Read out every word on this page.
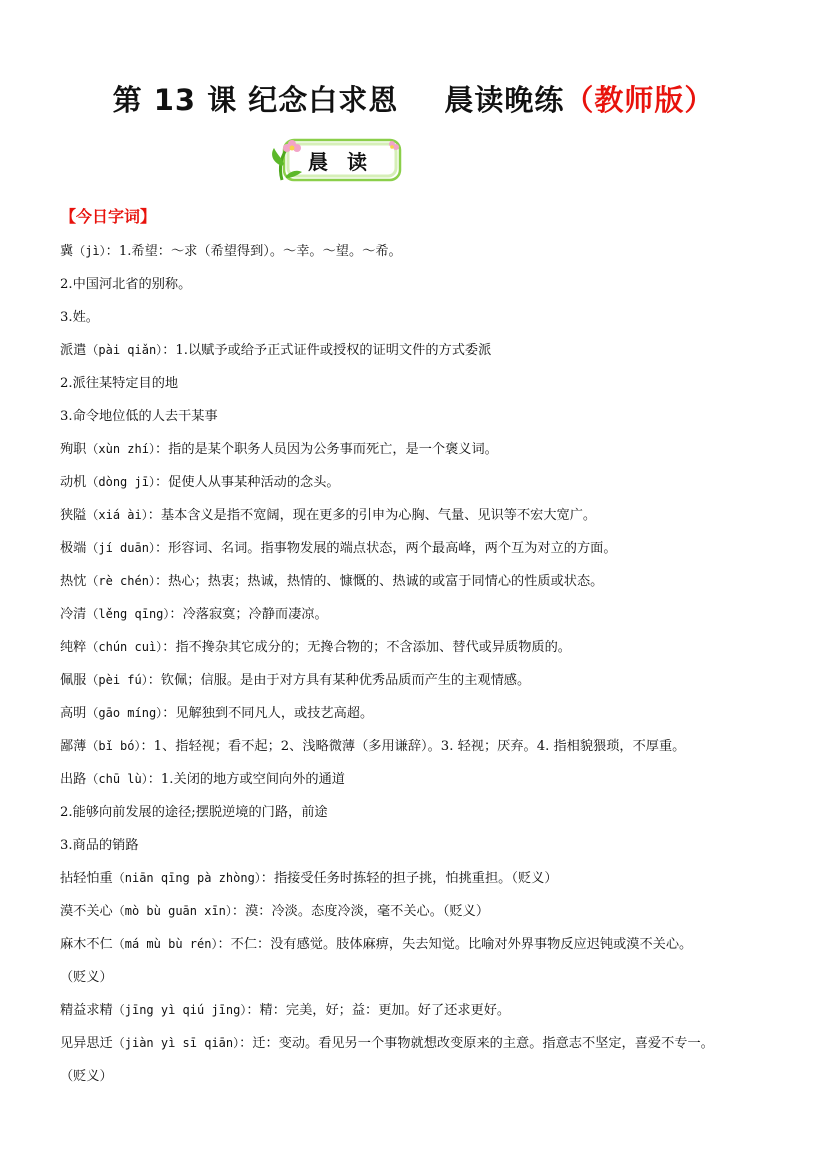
第 13 课 纪念白求恩 晨读晚练（教师版）
晨 读
【今日字词】
冀（jì）：1.希望：～求（希望得到）。～幸。～望。～希。
2.中国河北省的别称。
3.姓。
派遣（pài qiǎn）：1.以赋予或给予正式证件或授权的证明文件的方式委派
2.派往某特定目的地
3.命令地位低的人去干某事
殉职（xùn zhí）：指的是某个职务人员因为公务事而死亡，是一个褒义词。
动机（dòng jī）：促使人从事某种活动的念头。
狭隘（xiá ài）：基本含义是指不宽阔，现在更多的引申为心胸、气量、见识等不宏大宽广。
极端（jí duān）：形容词、名词。指事物发展的端点状态，两个最高峰，两个互为对立的方面。
热忱（rè chén）：热心；热衷；热诚，热情的、慷慨的、热诚的或富于同情心的性质或状态。
冷清（lěng qīng）：冷落寂寞；冷静而凄凉。
纯粹（chún cuì）：指不搀杂其它成分的；无搀合物的；不含添加、替代或异质物质的。
佩服（pèi fú）：钦佩；信服。是由于对方具有某种优秀品质而产生的主观情感。
高明（gāo míng）：见解独到不同凡人，或技艺高超。
鄙薄（bǐ bó）：1、指轻视；看不起；2、浅略微薄（多用谦辞）。3. 轻视；厌弃。4. 指相貌猥琐，不厚重。
出路（chū lù）：1.关闭的地方或空间向外的通道
2.能够向前发展的途径;摆脱逆境的门路，前途
3.商品的销路
拈轻怕重（niān qīng pà zhòng）：指接受任务时拣轻的担子挑，怕挑重担。（贬义）
漠不关心（mò bù guān xīn）：漠：冷淡。态度冷淡，毫不关心。（贬义）
麻木不仁（má mù bù rén）：不仁：没有感觉。肢体麻痹，失去知觉。比喻对外界事物反应迟钝或漠不关心。
（贬义）
精益求精（jīng yì qiú jīng）：精：完美，好；益：更加。好了还求更好。
见异思迁（jiàn yì sī qiān）：迁：变动。看见另一个事物就想改变原来的主意。指意志不坚定，喜爱不专一。
（贬义）
